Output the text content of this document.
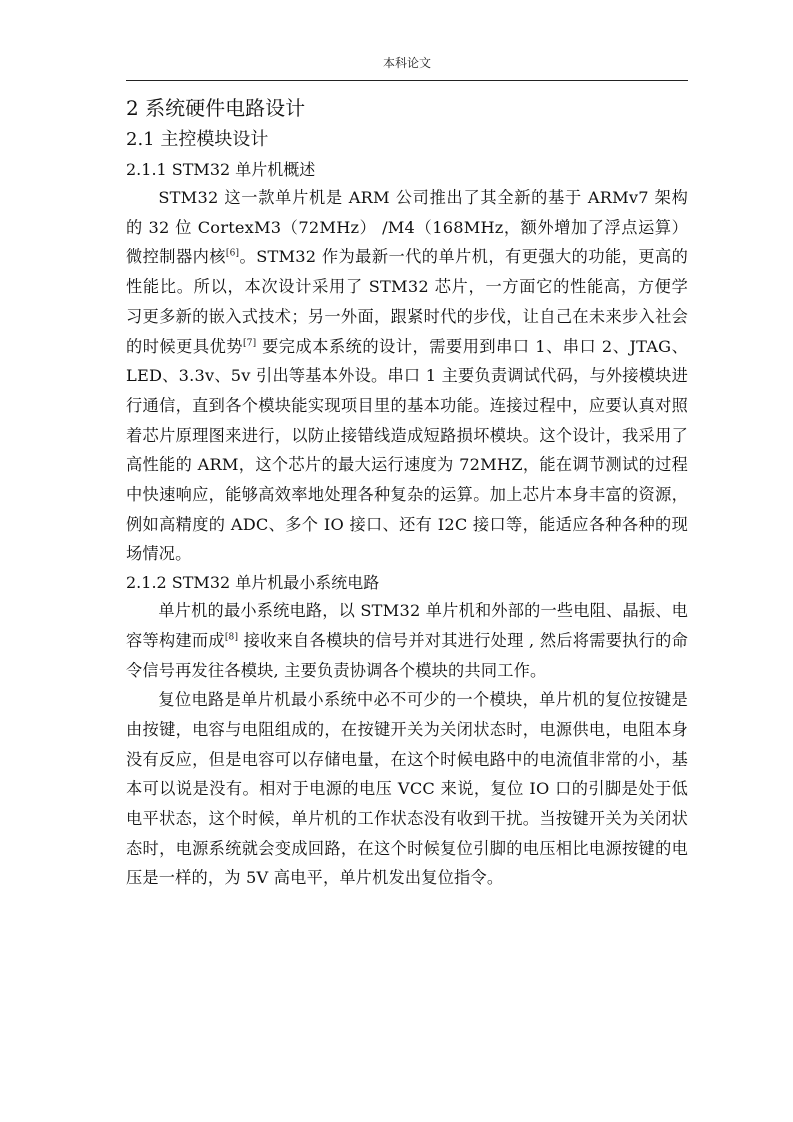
本科论文
2 系统硬件电路设计
2.1 主控模块设计
2.1.1 STM32 单片机概述

STM32 这一款单片机是 ARM 公司推出了其全新的基于 ARMv7 架构的 32 位 CortexM3（72MHz） /M4（168MHz，额外增加了浮点运算）微控制器内核[6]。STM32 作为最新一代的单片机，有更强大的功能，更高的性能比。所以，本次设计采用了 STM32 芯片，一方面它的性能高，方便学习更多新的嵌入式技术；另一外面，跟紧时代的步伐，让自己在未来步入社会的时候更具优势[7] 要完成本系统的设计，需要用到串口 1、串口 2、JTAG、LED、3.3v、5v 引出等基本外设。串口 1 主要负责调试代码，与外接模块进行通信，直到各个模块能实现项目里的基本功能。连接过程中，应要认真对照着芯片原理图来进行，以防止接错线造成短路损坏模块。这个设计，我采用了高性能的 ARM，这个芯片的最大运行速度为 72MHZ，能在调节测试的过程中快速响应，能够高效率地处理各种复杂的运算。加上芯片本身丰富的资源，例如高精度的 ADC、多个 IO 接口、还有 I2C 接口等，能适应各种各种的现场情况。

2.1.2 STM32 单片机最小系统电路

单片机的最小系统电路，以 STM32 单片机和外部的一些电阻、晶振、电容等构建而成[8] 接收来自各模块的信号并对其进行处理 , 然后将需要执行的命令信号再发往各模块, 主要负责协调各个模块的共同工作。

复位电路是单片机最小系统中必不可少的一个模块，单片机的复位按键是由按键，电容与电阻组成的，在按键开关为关闭状态时，电源供电，电阻本身没有反应，但是电容可以存储电量，在这个时候电路中的电流值非常的小，基本可以说是没有。相对于电源的电压 VCC 来说，复位 IO 口的引脚是处于低电平状态，这个时候，单片机的工作状态没有收到干扰。当按键开关为关闭状态时，电源系统就会变成回路，在这个时候复位引脚的电压相比电源按键的电压是一样的，为 5V 高电平，单片机发出复位指令。
